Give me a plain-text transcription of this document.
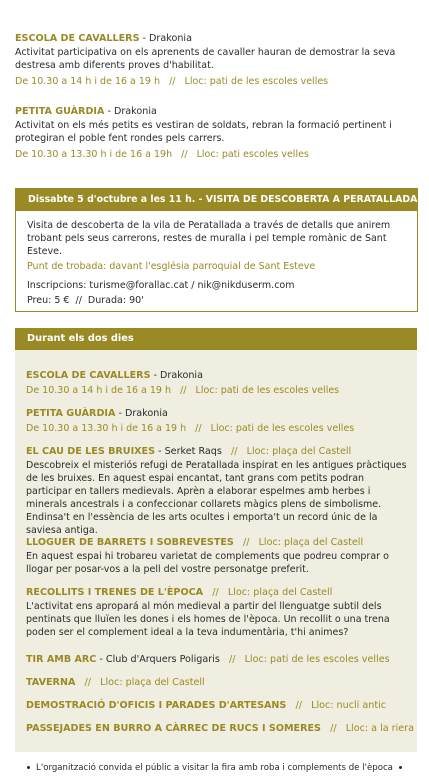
ESCOLA DE CAVALLERS - Drakonia
Activitat participativa on els aprenents de cavaller hauran de demostrar la seva destresa amb diferents proves d'habilitat.
De 10.30 a 14 h i de 16 a 19 h   //   Lloc: pati de les escoles velles
PETITA GUÀRDIA - Drakonia
Activitat on els més petits es vestiran de soldats, rebran la formació pertinent i protegiran el poble fent rondes pels carrers.
De 10.30 a 13.30 h i de 16 a 19h   //   Lloc: pati escoles velles
Dissabte 5 d'octubre a les 11 h. - VISITA DE DESCOBERTA A PERATALLADA
Visita de descoberta de la vila de Peratallada a través de detalls que anirem trobant pels seus carrerons, restes de muralla i pel temple romànic de Sant Esteve.
Punt de trobada: davant l'església parroquial de Sant Esteve
Inscripcions: turisme@forallac.cat / nik@nikduserm.com
Preu: 5 €  //  Durada: 90'
Durant els dos dies
ESCOLA DE CAVALLERS - Drakonia
De 10.30 a 14 h i de 16 a 19 h   //   Lloc: pati de les escoles velles
PETITA GUÀRDIA - Drakonia
De 10.30 a 13.30 h i de 16 a 19 h   //   Lloc: pati de les escoles velles
EL CAU DE LES BRUIXES - Serket Raqs   //   Lloc: plaça del Castell
Descobreix el misteriós refugi de Peratallada inspirat en les antigues pràctiques de les bruixes. En aquest espai encantat, tant grans com petits podran participar en tallers medievals. Aprèn a elaborar espelmes amb herbes i minerals ancestrals i a confeccionar collarets màgics plens de simbolisme. Endinsa't en l'essència de les arts ocultes i emporta't un record únic de la saviesa antiga.
LLOGUER DE BARRETS I SOBREVESTES   //   Lloc: plaça del Castell
En aquest espai hi trobareu varietat de complements que podreu comprar o llogar per posar-vos a la pell del vostre personatge preferit.
RECOLLITS I TRENES DE L'ÈPOCA   //   Lloc: plaça del Castell
L'activitat ens apropará al món medieval a partir del llenguatge subtil dels pentinats que lluïen les dones i els homes de l'època. Un recollit o una trena poden ser el complement ideal a la teva indumentària, t'hi animes?
TIR AMB ARC - Club d'Arquers Poligaris   //   Lloc: pati de les escoles velles
TAVERNA   //   Lloc: plaça del Castell
DEMOSTRACIÓ D'OFICIS I PARADES D'ARTESANS   //   Lloc: nucli antic
PASSEJADES EN BURRO A CÀRREC DE RUCS I SOMERES   //   Lloc: a la riera
L'organització convida el públic a visitar la fira amb roba i complements de l'època
